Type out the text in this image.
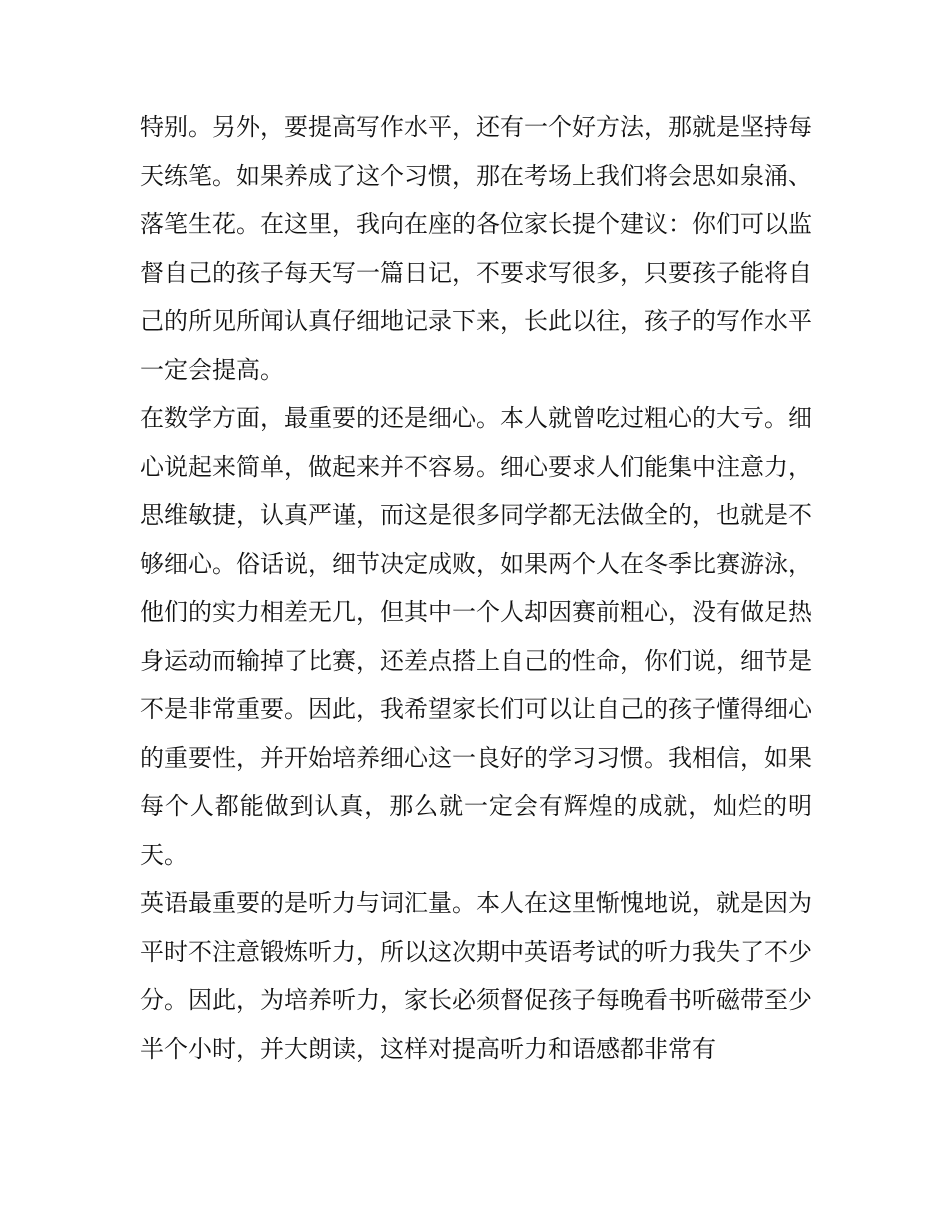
特别。另外，要提高写作水平，还有一个好方法，那就是坚持每天练笔。如果养成了这个习惯，那在考场上我们将会思如泉涌、落笔生花。在这里，我向在座的各位家长提个建议：你们可以监督自己的孩子每天写一篇日记，不要求写很多，只要孩子能将自己的所见所闻认真仔细地记录下来，长此以往，孩子的写作水平一定会提高。

在数学方面，最重要的还是细心。本人就曾吃过粗心的大亏。细心说起来简单，做起来并不容易。细心要求人们能集中注意力，思维敏捷，认真严谨，而这是很多同学都无法做全的，也就是不够细心。俗话说，细节决定成败，如果两个人在冬季比赛游泳，他们的实力相差无几，但其中一个人却因赛前粗心，没有做足热身运动而输掉了比赛，还差点搭上自己的性命，你们说，细节是不是非常重要。因此，我希望家长们可以让自己的孩子懂得细心的重要性，并开始培养细心这一良好的学习习惯。我相信，如果每个人都能做到认真，那么就一定会有辉煌的成就，灿烂的明天。

英语最重要的是听力与词汇量。本人在这里惭愧地说，就是因为平时不注意锻炼听力，所以这次期中英语考试的听力我失了不少分。因此，为培养听力，家长必须督促孩子每晚看书听磁带至少半个小时，并大朗读，这样对提高听力和语感都非常有
